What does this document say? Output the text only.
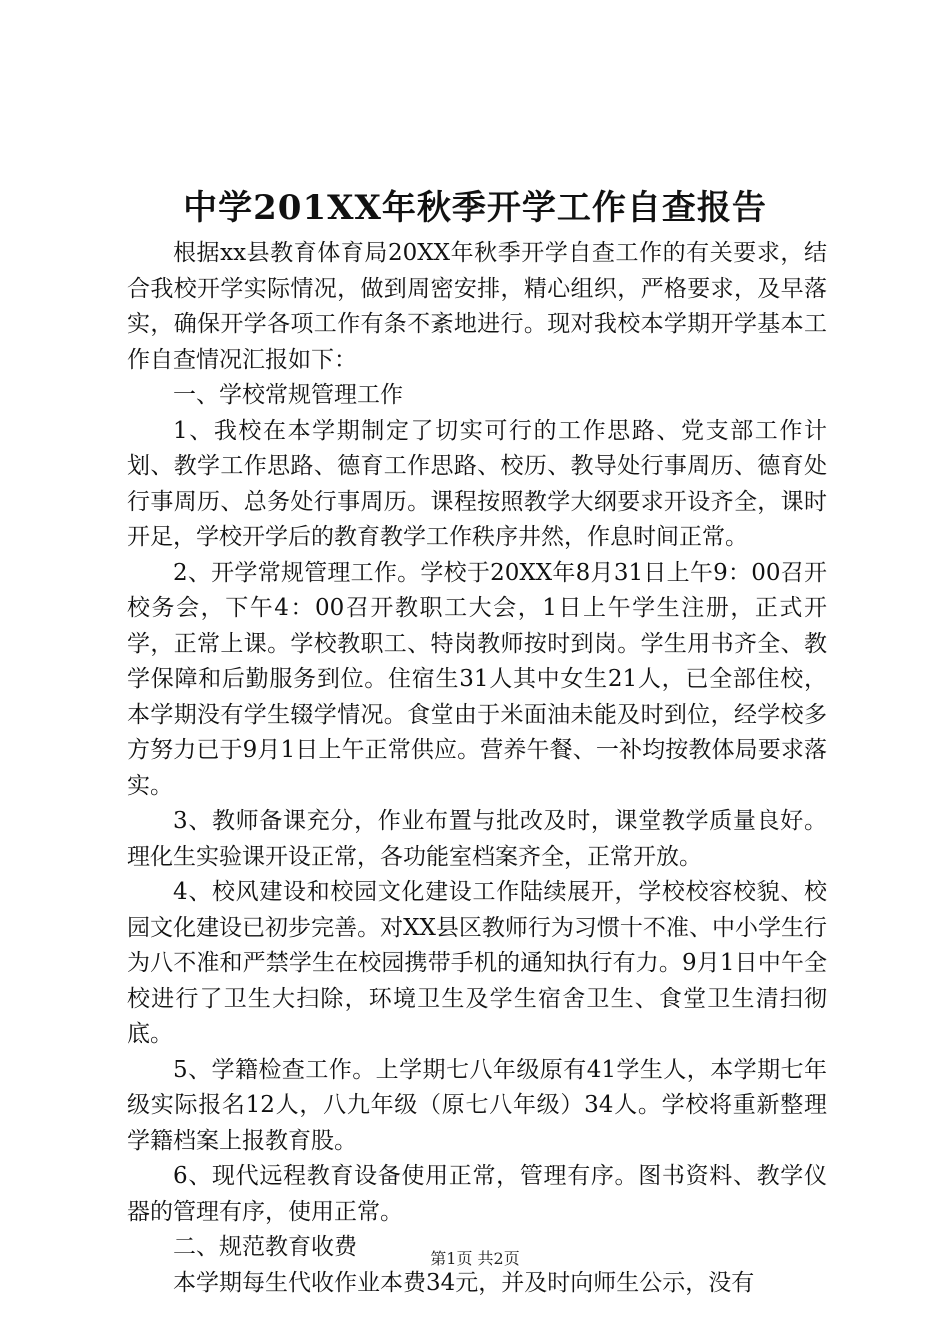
中学201XX年秋季开学工作自查报告

根据xx县教育体育局20XX年秋季开学自查工作的有关要求，结合我校开学实际情况，做到周密安排，精心组织，严格要求，及早落实，确保开学各项工作有条不紊地进行。现对我校本学期开学基本工作自查情况汇报如下：

一、学校常规管理工作

1、我校在本学期制定了切实可行的工作思路、党支部工作计划、教学工作思路、德育工作思路、校历、教导处行事周历、德育处行事周历、总务处行事周历。课程按照教学大纲要求开设齐全，课时开足，学校开学后的教育教学工作秩序井然，作息时间正常。

2、开学常规管理工作。学校于20XX年8月31日上午9：00召开校务会，下午4：00召开教职工大会，1日上午学生注册，正式开学，正常上课。学校教职工、特岗教师按时到岗。学生用书齐全、教学保障和后勤服务到位。住宿生31人其中女生21人，已全部住校，本学期没有学生辍学情况。食堂由于米面油未能及时到位，经学校多方努力已于9月1日上午正常供应。营养午餐、一补均按教体局要求落实。

3、教师备课充分，作业布置与批改及时，课堂教学质量良好。理化生实验课开设正常，各功能室档案齐全，正常开放。

4、校风建设和校园文化建设工作陆续展开，学校校容校貌、校园文化建设已初步完善。对XX县区教师行为习惯十不准、中小学生行为八不准和严禁学生在校园携带手机的通知执行有力。9月1日中午全校进行了卫生大扫除，环境卫生及学生宿舍卫生、食堂卫生清扫彻底。

5、学籍检查工作。上学期七八年级原有41学生人，本学期七年级实际报名12人，八九年级（原七八年级）34人。学校将重新整理学籍档案上报教育股。

6、现代远程教育设备使用正常，管理有序。图书资料、教学仪器的管理有序，使用正常。

二、规范教育收费

本学期每生代收作业本费34元，并及时向师生公示，没有

第1页 共2页
